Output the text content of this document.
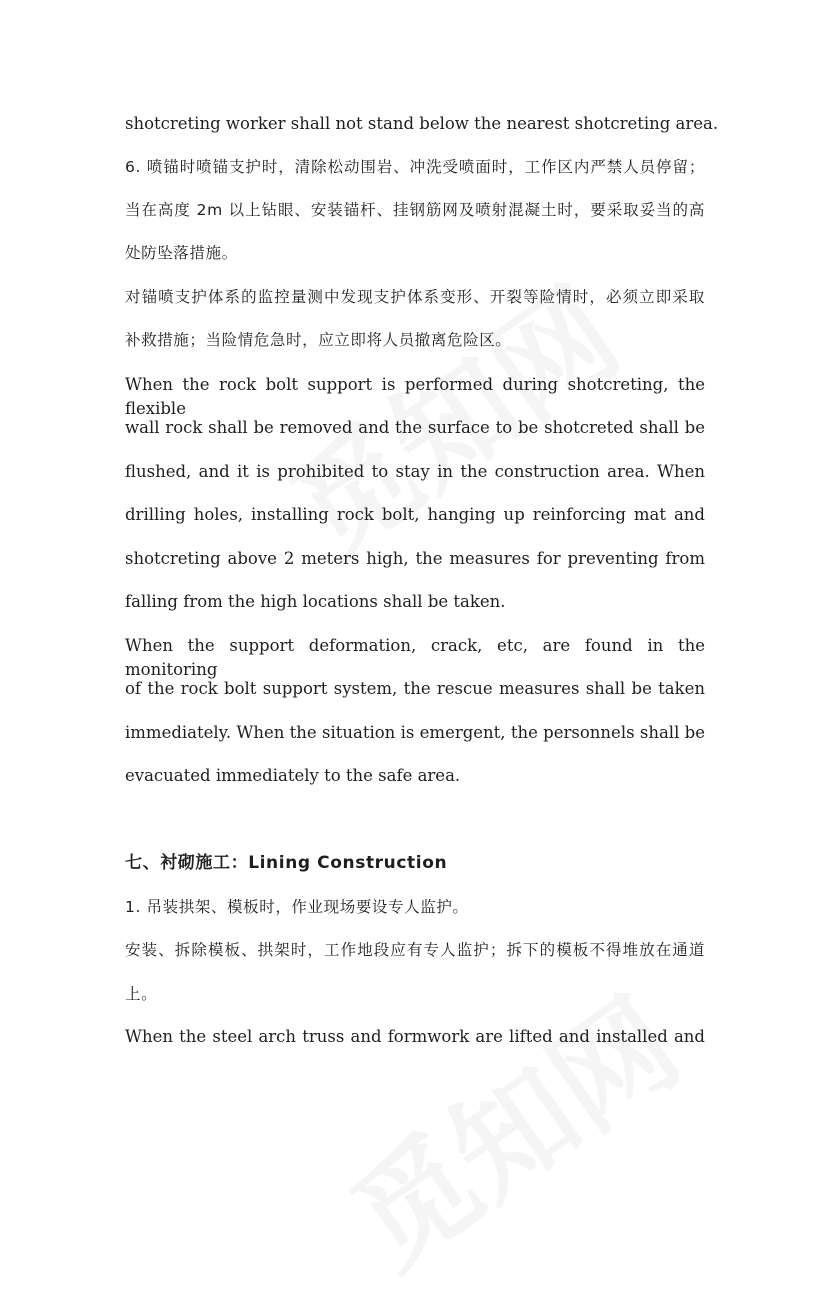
shotcreting worker shall not stand below the nearest shotcreting area.
6. 喷锚时喷锚支护时，清除松动围岩、冲洗受喷面时，工作区内严禁人员停留；
当在高度 2m 以上钻眼、安装锚杆、挂钢筋网及喷射混凝土时，要采取妥当的高
处防坠落措施。
对锚喷支护体系的监控量测中发现支护体系变形、开裂等险情时，必须立即采取
补救措施；当险情危急时，应立即将人员撤离危险区。
When the rock bolt support is performed during shotcreting, the flexible
wall rock shall be removed and the surface to be shotcreted shall be
flushed, and it is prohibited to stay in the construction area. When
drilling holes, installing rock bolt, hanging up reinforcing mat and
shotcreting above 2 meters high, the measures for preventing from
falling from the high locations shall be taken.
When the support deformation, crack, etc, are found in the monitoring
of the rock bolt support system, the rescue measures shall be taken
immediately. When the situation is emergent, the personnels shall be
evacuated immediately to the safe area.
七、衬砌施工：Lining Construction
1. 吊装拱架、模板时，作业现场要设专人监护。
安装、拆除模板、拱架时，工作地段应有专人监护；拆下的模板不得堆放在通道
上。
When the steel arch truss and formwork are lifted and installed and
